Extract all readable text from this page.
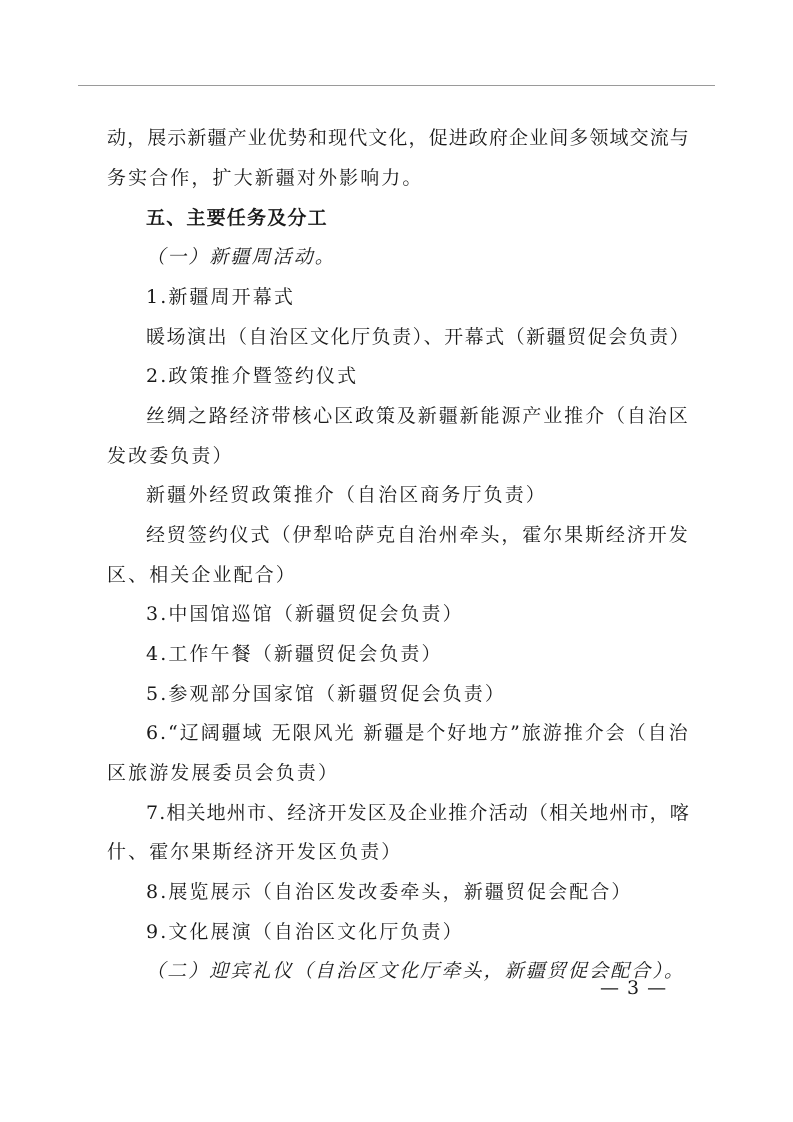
动，展示新疆产业优势和现代文化，促进政府企业间多领域交流与
务实合作，扩大新疆对外影响力。
五、主要任务及分工
（一）新疆周活动。
1.新疆周开幕式
暖场演出（自治区文化厅负责）、开幕式（新疆贸促会负责）
2.政策推介暨签约仪式
丝绸之路经济带核心区政策及新疆新能源产业推介（自治区
发改委负责）
新疆外经贸政策推介（自治区商务厅负责）
经贸签约仪式（伊犁哈萨克自治州牵头，霍尔果斯经济开发
区、相关企业配合）
3.中国馆巡馆（新疆贸促会负责）
4.工作午餐（新疆贸促会负责）
5.参观部分国家馆（新疆贸促会负责）
6.“辽阔疆域 无限风光 新疆是个好地方”旅游推介会（自治
区旅游发展委员会负责）
7.相关地州市、经济开发区及企业推介活动（相关地州市，喀
什、霍尔果斯经济开发区负责）
8.展览展示（自治区发改委牵头，新疆贸促会配合）
9.文化展演（自治区文化厅负责）
（二）迎宾礼仪（自治区文化厅牵头，新疆贸促会配合）。
— 3 —
